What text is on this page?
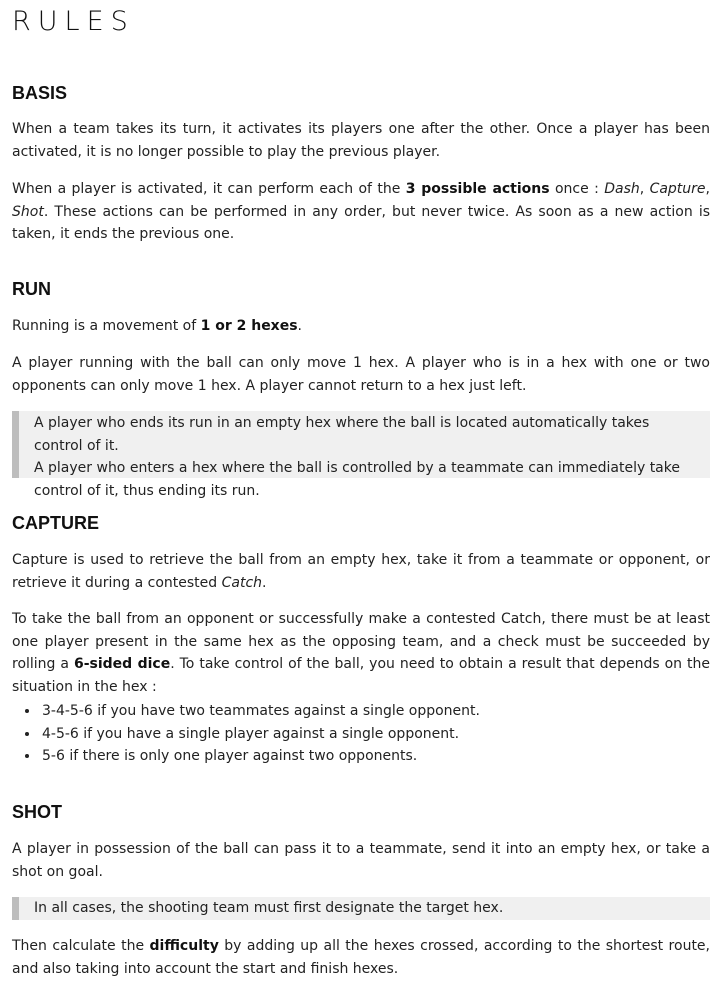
RULES
BASIS

When a team takes its turn, it activates its players one after the other. Once a player has been activated, it is no longer possible to play the previous player.

When a player is activated, it can perform each of the 3 possible actions once : Dash, Capture, Shot. These actions can be performed in any order, but never twice. As soon as a new action is taken, it ends the previous one.

RUN

Running is a movement of 1 or 2 hexes.

A player running with the ball can only move 1 hex. A player who is in a hex with one or two opponents can only move 1 hex. A player cannot return to a hex just left.

A player who ends its run in an empty hex where the ball is located automatically takes control of it.
A player who enters a hex where the ball is controlled by a teammate can immediately take control of it, thus ending its run.
CAPTURE

Capture is used to retrieve the ball from an empty hex, take it from a teammate or opponent, or retrieve it during a contested Catch.

To take the ball from an opponent or successfully make a contested Catch, there must be at least one player present in the same hex as the opposing team, and a check must be succeeded by rolling a 6-sided dice. To take control of the ball, you need to obtain a result that depends on the situation in the hex :

• 3-4-5-6 if you have two teammates against a single opponent.
• 4-5-6 if you have a single player against a single opponent.
• 5-6 if there is only one player against two opponents.
SHOT

A player in possession of the ball can pass it to a teammate, send it into an empty hex, or take a shot on goal.

In all cases, the shooting team must first designate the target hex.

Then calculate the difficulty by adding up all the hexes crossed, according to the shortest route, and also taking into account the start and finish hexes.
